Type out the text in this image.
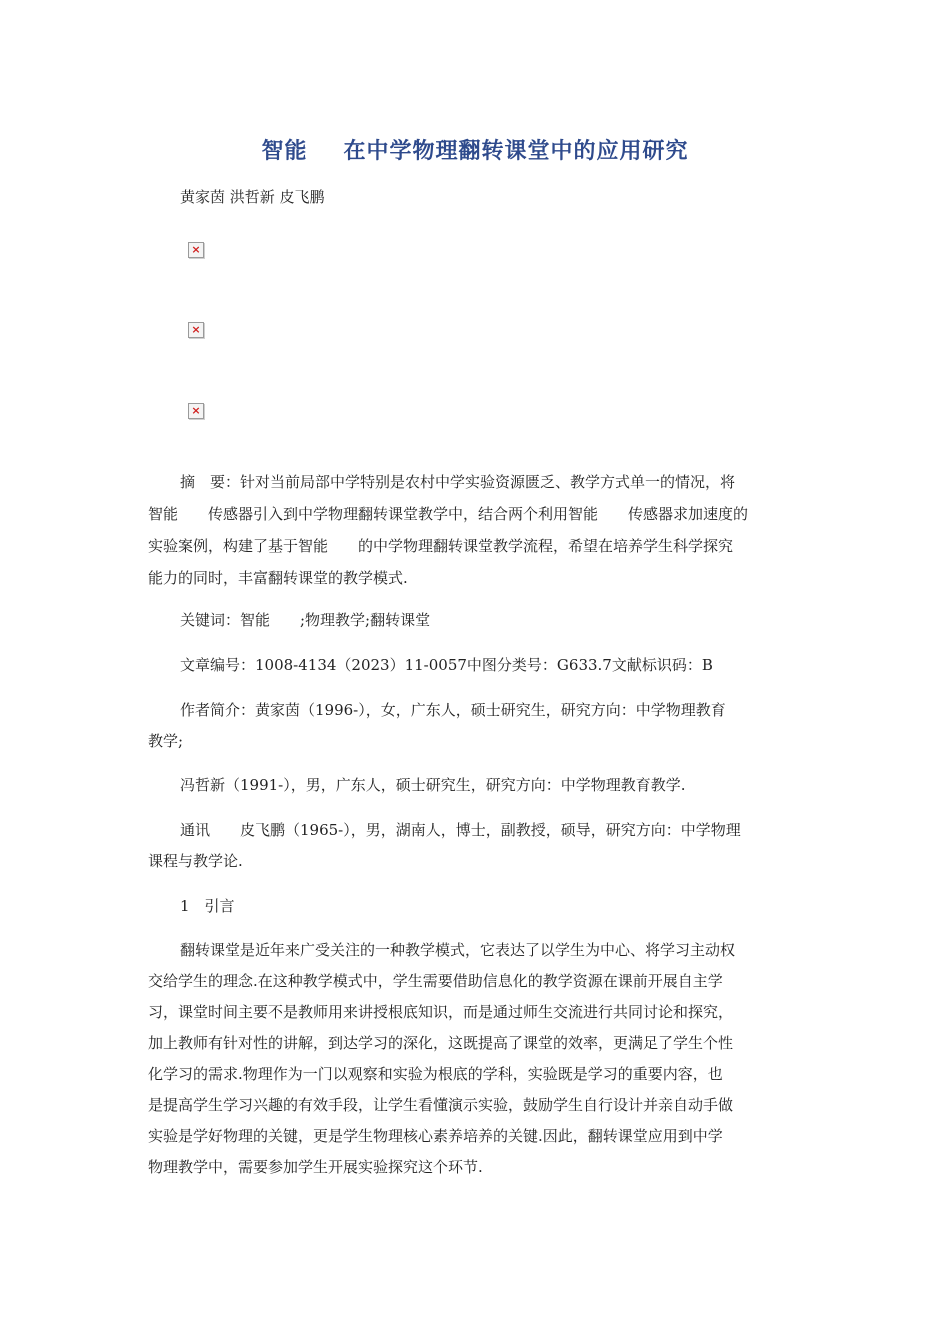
智能 在中学物理翻转课堂中的应用研究
黄家茵 洪哲新 皮飞鹏
×
×
×
摘　要：针对当前局部中学特别是农村中学实验资源匮乏、教学方式单一的情况，将
智能　　传感器引入到中学物理翻转课堂教学中，结合两个利用智能　　传感器求加速度的
实验案例，构建了基于智能　　的中学物理翻转课堂教学流程，希望在培养学生科学探究
能力的同时，丰富翻转课堂的教学模式.
关键词：智能　　;物理教学;翻转课堂
文章编号：1008-4134（2023）11-0057中图分类号：G633.7文献标识码：B
作者简介：黄家茵（1996-），女，广东人，硕士研究生，研究方向：中学物理教育
教学;
冯哲新（1991-），男，广东人，硕士研究生，研究方向：中学物理教育教学.
通讯　　皮飞鹏（1965-），男，湖南人，博士，副教授，硕导，研究方向：中学物理
课程与教学论.
1　引言
翻转课堂是近年来广受关注的一种教学模式，它表达了以学生为中心、将学习主动权
交给学生的理念.在这种教学模式中，学生需要借助信息化的教学资源在课前开展自主学
习，课堂时间主要不是教师用来讲授根底知识，而是通过师生交流进行共同讨论和探究，
加上教师有针对性的讲解，到达学习的深化，这既提高了课堂的效率，更满足了学生个性
化学习的需求.物理作为一门以观察和实验为根底的学科，实验既是学习的重要内容，也
是提高学生学习兴趣的有效手段，让学生看懂演示实验，鼓励学生自行设计并亲自动手做
实验是学好物理的关键，更是学生物理核心素养培养的关键.因此，翻转课堂应用到中学
物理教学中，需要参加学生开展实验探究这个环节.
